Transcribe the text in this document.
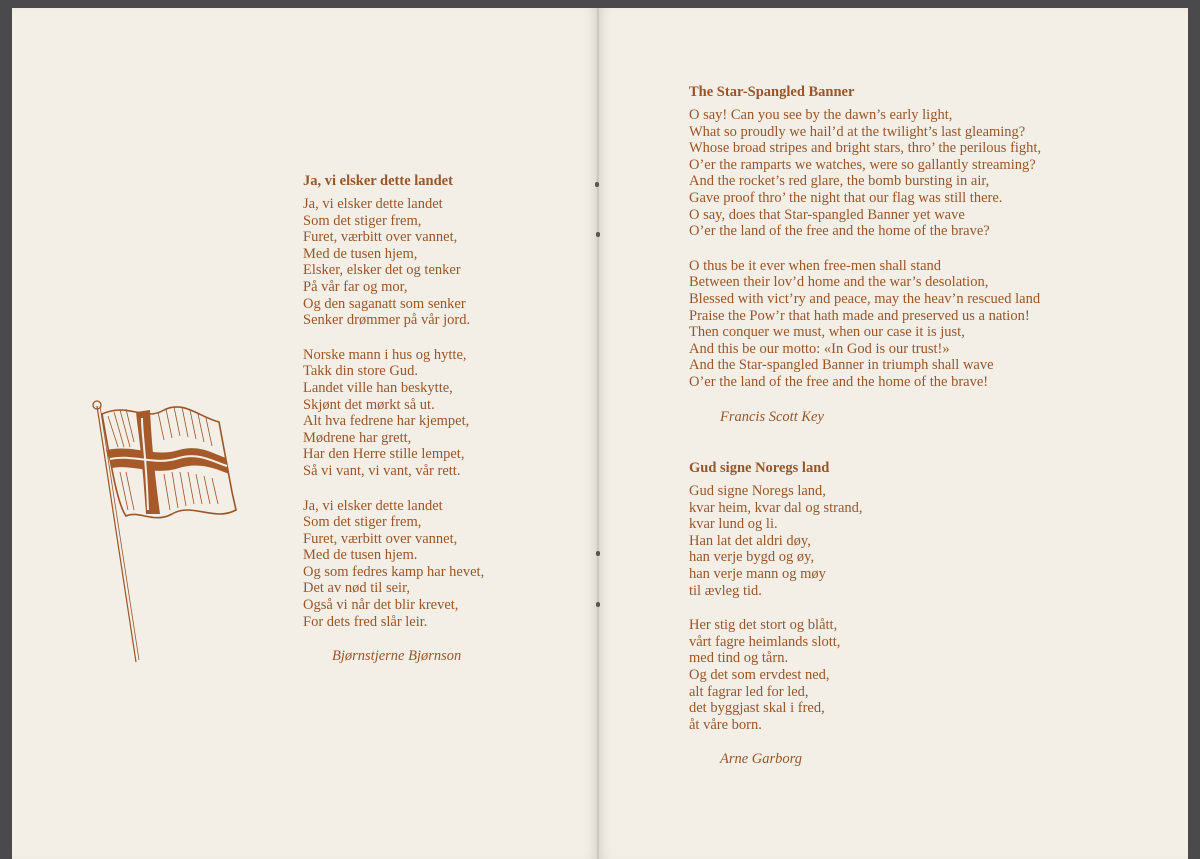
Ja, vi elsker dette landet
Ja, vi elsker dette landet
Som det stiger frem,
Furet, værbitt over vannet,
Med de tusen hjem,
Elsker, elsker det og tenker
På vår far og mor,
Og den saganatt som senker
Senker drømmer på vår jord.
Norske mann i hus og hytte,
Takk din store Gud.
Landet ville han beskytte,
Skjønt det mørkt så ut.
Alt hva fedrene har kjempet,
Mødrene har grett,
Har den Herre stille lempet,
Så vi vant, vi vant, vår rett.
Ja, vi elsker dette landet
Som det stiger frem,
Furet, værbitt over vannet,
Med de tusen hjem.
Og som fedres kamp har hevet,
Det av nød til seir,
Også vi når det blir krevet,
For dets fred slår leir.
Bjørnstjerne Bjørnson
The Star-Spangled Banner
O say! Can you see by the dawn’s early light,
What so proudly we hail’d at the twilight’s last gleaming?
Whose broad stripes and bright stars, thro’ the perilous fight,
O’er the ramparts we watches, were so gallantly streaming?
And the rocket’s red glare, the bomb bursting in air,
Gave proof thro’ the night that our flag was still there.
O say, does that Star-spangled Banner yet wave
O’er the land of the free and the home of the brave?
O thus be it ever when free-men shall stand
Between their lov’d home and the war’s desolation,
Blessed with vict’ry and peace, may the heav’n rescued land
Praise the Pow’r that hath made and preserved us a nation!
Then conquer we must, when our case it is just,
And this be our motto: «In God is our trust!»
And the Star-spangled Banner in triumph shall wave
O’er the land of the free and the home of the brave!
Francis Scott Key
Gud signe Noregs land
Gud signe Noregs land,
kvar heim, kvar dal og strand,
kvar lund og li.
Han lat det aldri døy,
han verje bygd og øy,
han verje mann og møy
til ævleg tid.
Her stig det stort og blått,
vårt fagre heimlands slott,
med tind og tårn.
Og det som ervdest ned,
alt fagrar led for led,
det byggjast skal i fred,
åt våre born.
Arne Garborg
